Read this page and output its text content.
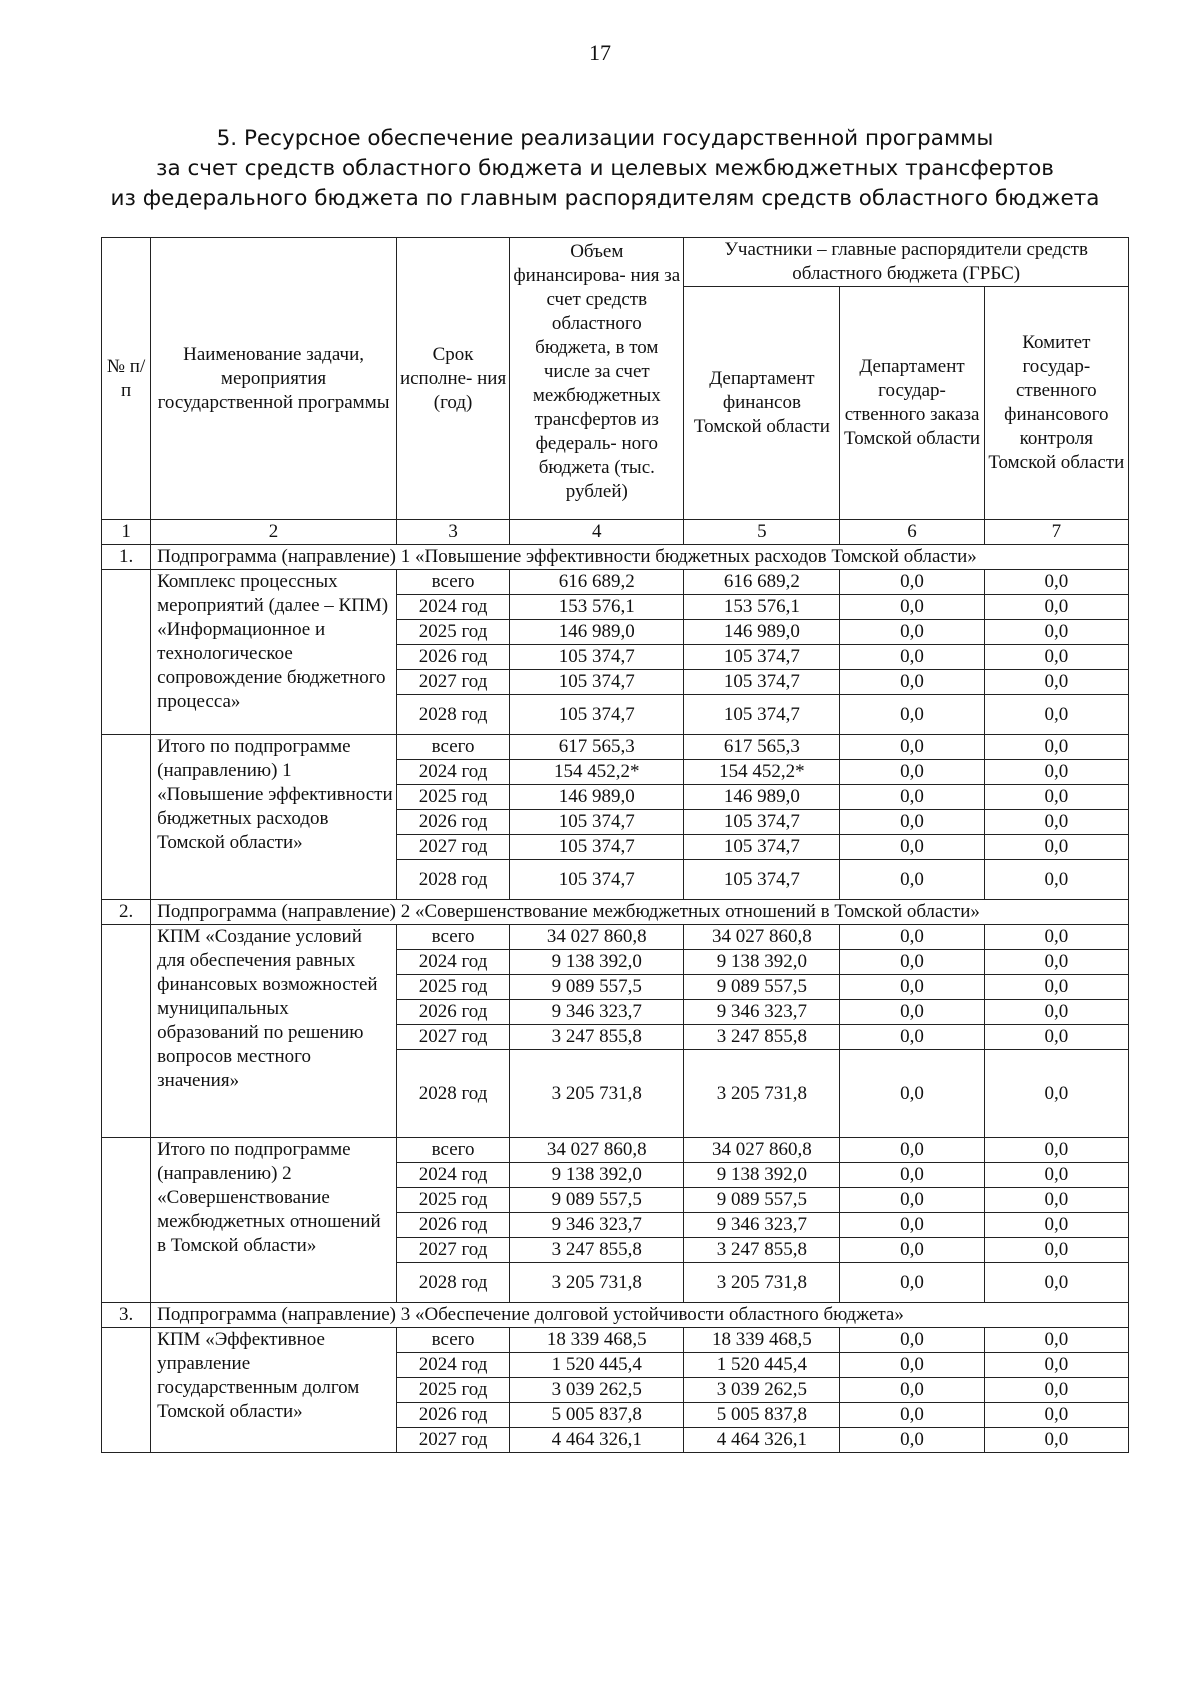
17
5. Ресурсное обеспечение реализации государственной программы
за счет средств областного бюджета и целевых межбюджетных трансфертов
из федерального бюджета по главным распорядителям средств областного бюджета
№ п/п	Наименование задачи, мероприятия государственной программы	Срок исполне- ния (год)	Объем финансирова- ния за счет средств областного бюджета, в том числе за счет межбюджетных трансфертов из федераль- ного бюджета (тыс. рублей)	Участники – главные распорядители средств областного бюджета (ГРБС)		
				Департамент финансов Томской области	Департамент государ- ственного заказа Томской области	Комитет государ- ственного финансового контроля Томской области
1	2	3	4	5	6	7
1.	Подпрограмма (направление) 1 «Повышение эффективности бюджетных расходов Томской области»					
	Комплекс процессных мероприятий (далее – КПМ) «Информационное и технологическое сопровождение бюджетного процесса»	всего	616 689,2	616 689,2	0,0	0,0
		2024 год	153 576,1	153 576,1	0,0	0,0
		2025 год	146 989,0	146 989,0	0,0	0,0
		2026 год	105 374,7	105 374,7	0,0	0,0
		2027 год	105 374,7	105 374,7	0,0	0,0
		2028 год	105 374,7	105 374,7	0,0	0,0
	Итого по подпрограмме (направлению) 1 «Повышение эффективности бюджетных расходов Томской области»	всего	617 565,3	617 565,3	0,0	0,0
		2024 год	154 452,2*	154 452,2*	0,0	0,0
		2025 год	146 989,0	146 989,0	0,0	0,0
		2026 год	105 374,7	105 374,7	0,0	0,0
		2027 год	105 374,7	105 374,7	0,0	0,0
		2028 год	105 374,7	105 374,7	0,0	0,0
2.	Подпрограмма (направление) 2 «Совершенствование межбюджетных отношений в Томской области»					
	КПМ «Создание условий для обеспечения равных финансовых возможностей муниципальных образований по решению вопросов местного значения»	всего	34 027 860,8	34 027 860,8	0,0	0,0
		2024 год	9 138 392,0	9 138 392,0	0,0	0,0
		2025 год	9 089 557,5	9 089 557,5	0,0	0,0
		2026 год	9 346 323,7	9 346 323,7	0,0	0,0
		2027 год	3 247 855,8	3 247 855,8	0,0	0,0
		2028 год	3 205 731,8	3 205 731,8	0,0	0,0
	Итого по подпрограмме (направлению) 2 «Совершенствование межбюджетных отношений в Томской области»	всего	34 027 860,8	34 027 860,8	0,0	0,0
		2024 год	9 138 392,0	9 138 392,0	0,0	0,0
		2025 год	9 089 557,5	9 089 557,5	0,0	0,0
		2026 год	9 346 323,7	9 346 323,7	0,0	0,0
		2027 год	3 247 855,8	3 247 855,8	0,0	0,0
		2028 год	3 205 731,8	3 205 731,8	0,0	0,0
3.	Подпрограмма (направление) 3 «Обеспечение долговой устойчивости областного бюджета»					
	КПМ «Эффективное управление государственным долгом Томской области»	всего	18 339 468,5	18 339 468,5	0,0	0,0
		2024 год	1 520 445,4	1 520 445,4	0,0	0,0
		2025 год	3 039 262,5	3 039 262,5	0,0	0,0
		2026 год	5 005 837,8	5 005 837,8	0,0	0,0
		2027 год	4 464 326,1	4 464 326,1	0,0	0,0
